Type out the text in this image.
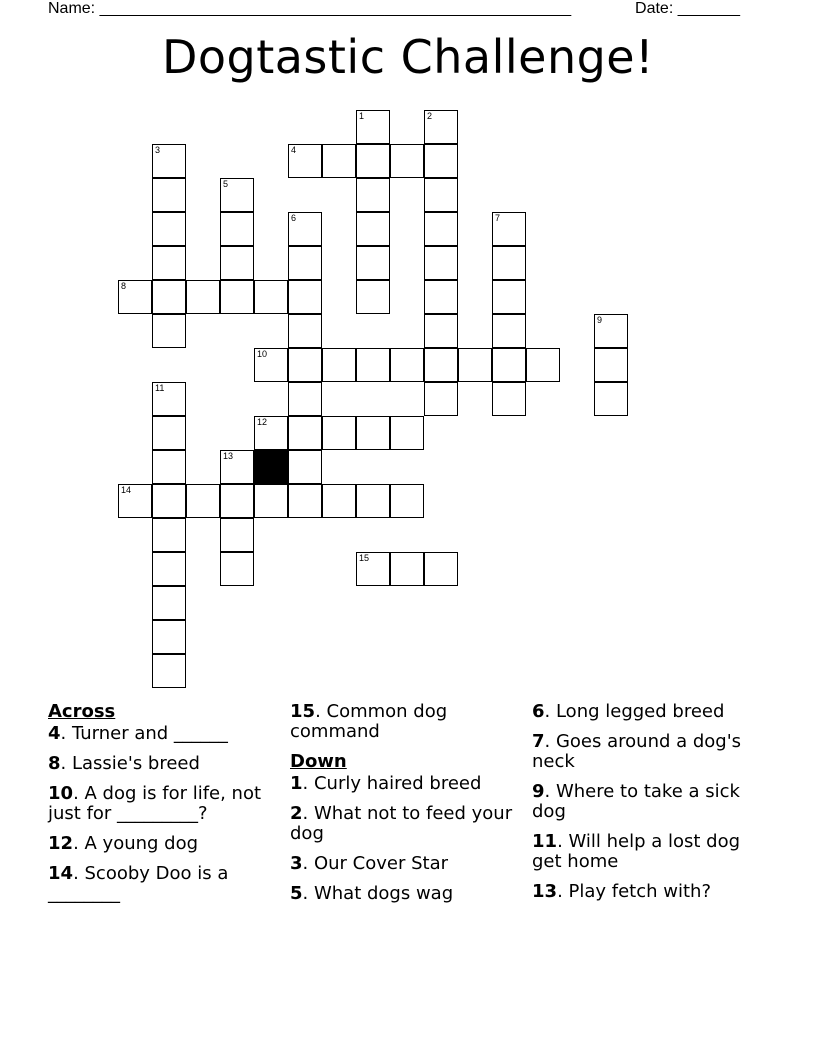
Name: _____________________________________________________	Date: _______
Dogtastic Challenge!
1	2
3	4
5
6	7
8
9
10
11
12
13
14
15
Across
4. Turner and ______
8. Lassie's breed
10. A dog is for life, not just for _________?
12. A young dog
14. Scooby Doo is a ________
15. Common dog command
Down
1. Curly haired breed
2. What not to feed your dog
3. Our Cover Star
5. What dogs wag
6. Long legged breed
7. Goes around a dog's neck
9. Where to take a sick dog
11. Will help a lost dog get home
13. Play fetch with?
